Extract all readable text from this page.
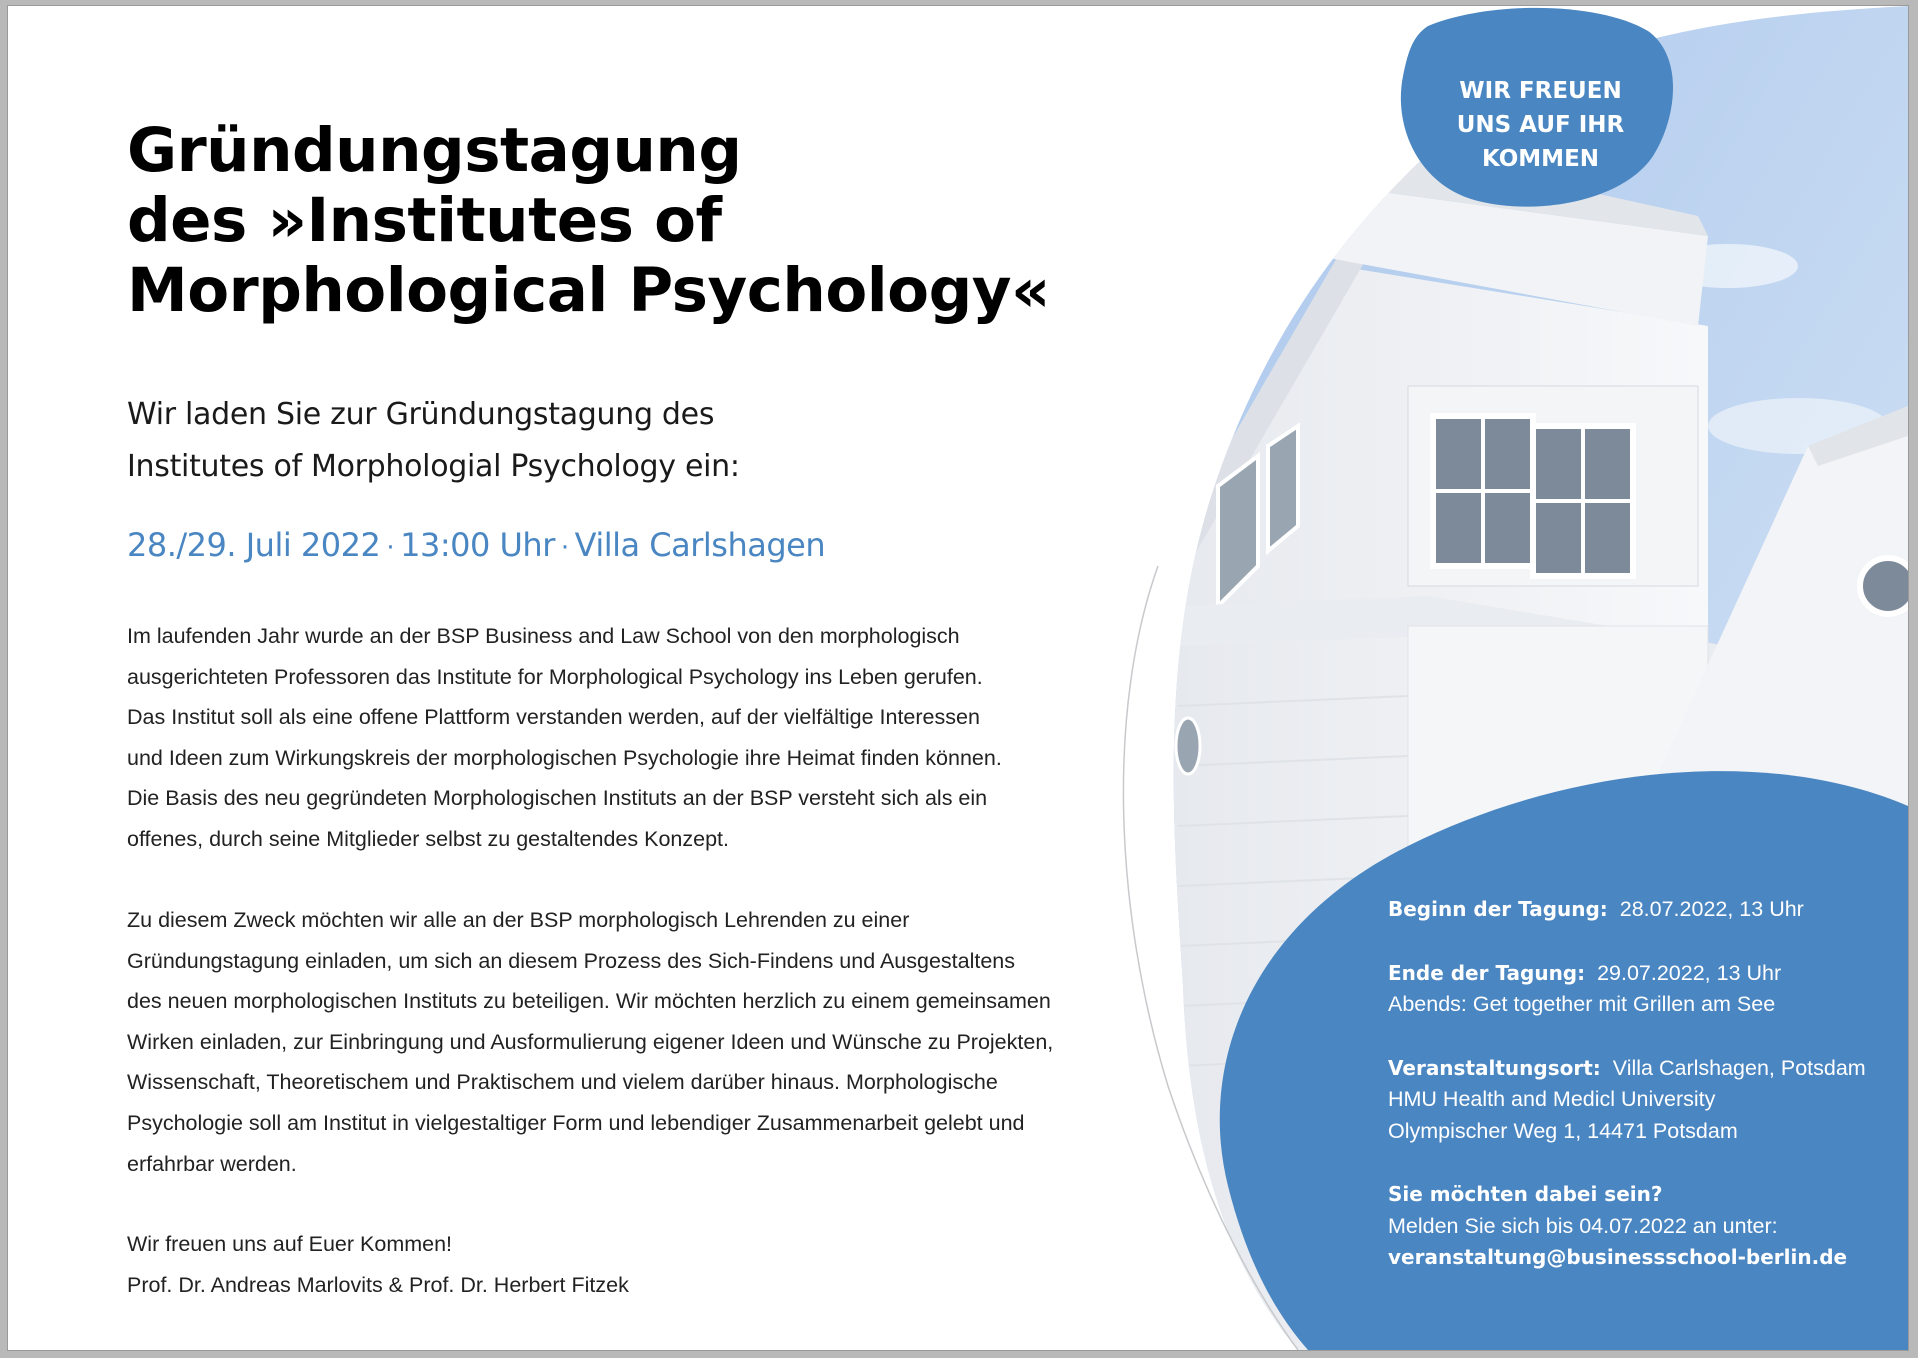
WIR FREUEN
UNS AUF IHR
KOMMEN
Gründungstagung
des »Institutes of
Morphological Psychology«
Wir laden Sie zur Gründungstagung des
Institutes of Morphologial Psychology ein:
28./29. Juli 2022 · 13:00 Uhr · Villa Carlshagen
Im laufenden Jahr wurde an der BSP Business and Law School von den morphologisch
ausgerichteten Professoren das Institute for Morphological Psychology ins Leben gerufen.
Das Institut soll als eine offene Plattform verstanden werden, auf der vielfältige Interessen
und Ideen zum Wirkungskreis der morphologischen Psychologie ihre Heimat finden können.
Die Basis des neu gegründeten Morphologischen Instituts an der BSP versteht sich als ein
offenes, durch seine Mitglieder selbst zu gestaltendes Konzept.
Zu diesem Zweck möchten wir alle an der BSP morphologisch Lehrenden zu einer
Gründungstagung einladen, um sich an diesem Prozess des Sich-Findens und Ausgestaltens
des neuen morphologischen Instituts zu beteiligen. Wir möchten herzlich zu einem gemeinsamen
Wirken einladen, zur Einbringung und Ausformulierung eigener Ideen und Wünsche zu Projekten,
Wissenschaft, Theoretischem und Praktischem und vielem darüber hinaus. Morphologische
Psychologie soll am Institut in vielgestaltiger Form und lebendiger Zusammenarbeit gelebt und
erfahrbar werden.
Wir freuen uns auf Euer Kommen!
Prof. Dr. Andreas Marlovits & Prof. Dr. Herbert Fitzek
Beginn der Tagung: 28.07.2022, 13 Uhr
Ende der Tagung: 29.07.2022, 13 Uhr
Abends: Get together mit Grillen am See
Veranstaltungsort: Villa Carlshagen, Potsdam
HMU Health and Medicl University
Olympischer Weg 1, 14471 Potsdam
Sie möchten dabei sein?
Melden Sie sich bis 04.07.2022 an unter:
veranstaltung@businessschool-berlin.de
